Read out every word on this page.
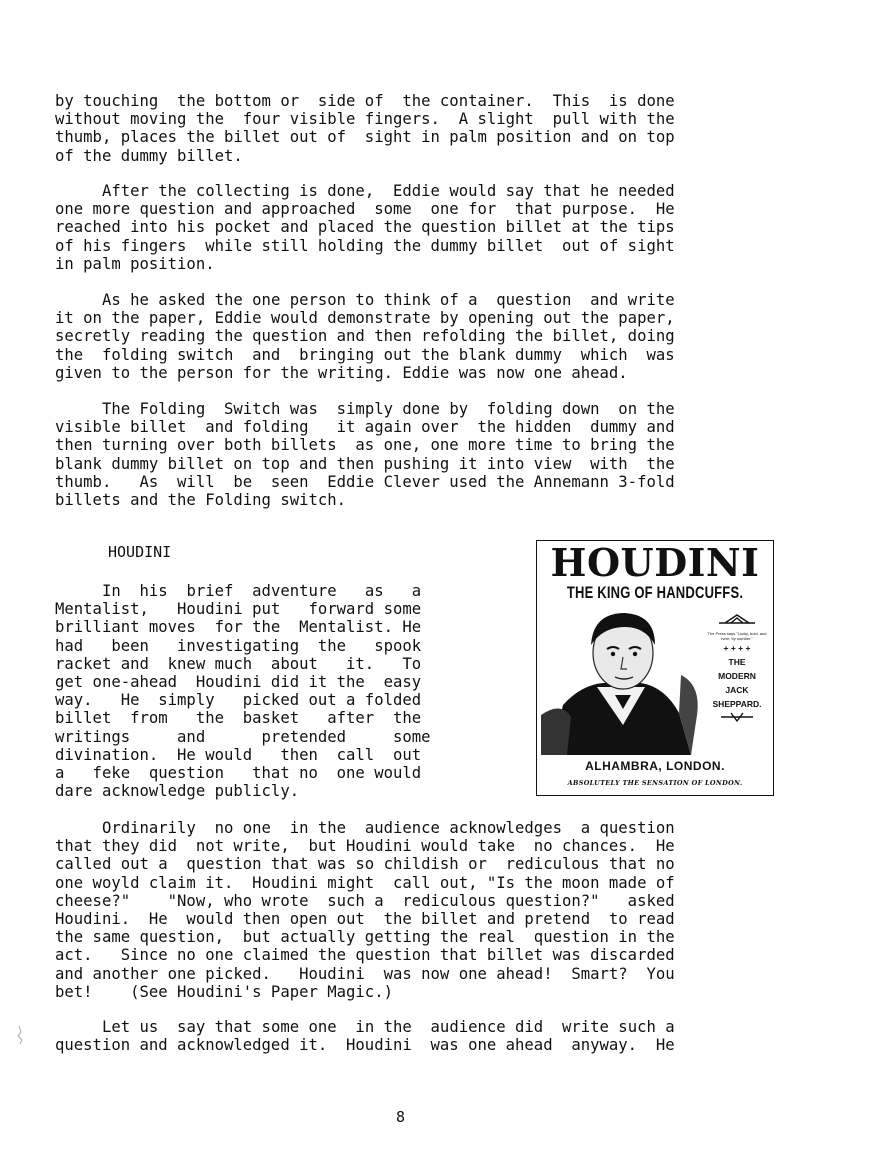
by touching  the bottom or  side of  the container.  This  is done
without moving the  four visible fingers.  A slight  pull with the
thumb, places the billet out of  sight in palm position and on top
of the dummy billet.
After the collecting is done,  Eddie would say that he needed
one more question and approached  some  one for  that purpose.  He
reached into his pocket and placed the question billet at the tips
of his fingers  while still holding the dummy billet  out of sight
in palm position.
As he asked the one person to think of a  question  and write
it on the paper, Eddie would demonstrate by opening out the paper,
secretly reading the question and then refolding the billet, doing
the  folding switch  and  bringing out the blank dummy  which  was
given to the person for the writing. Eddie was now one ahead.
The Folding  Switch was  simply done by  folding down  on the
visible billet  and folding   it again over  the hidden  dummy and
then turning over both billets  as one, one more time to bring the
blank dummy billet on top and then pushing it into view  with  the
thumb.   As  will  be  seen  Eddie Clever used the Annemann 3-fold
billets and the Folding switch.
HOUDINI
In  his  brief  adventure   as   a
Mentalist,   Houdini put   forward some
brilliant moves  for the  Mentalist. He
had   been   investigating  the   spook
racket and  knew much  about   it.   To
get one-ahead  Houdini did it the  easy
way.   He  simply   picked out a folded
billet  from   the  basket   after  the
writings     and      pretended     some
divination.  He would   then  call  out
a   feke  question   that no  one would
dare acknowledge publicly.
HOUDINI
THE KING OF HANDCUFFS.
The Press says "Lucky, bold, and here, by number."
+ + + +
THE
MODERN
JACK
SHEPPARD.
ALHAMBRA, LONDON.
ABSOLUTELY THE SENSATION OF LONDON.
Ordinarily  no one  in the  audience acknowledges  a question
that they did  not write,  but Houdini would take  no chances.  He
called out a  question that was so childish or  rediculous that no
one woyld claim it.  Houdini might  call out, "Is the moon made of
cheese?"    "Now, who wrote  such a  rediculous question?"   asked
Houdini.  He  would then open out  the billet and pretend  to read
the same question,  but actually getting the real  question in the
act.   Since no one claimed the question that billet was discarded
and another one picked.   Houdini  was now one ahead!  Smart?  You
bet!    (See Houdini's Paper Magic.)
Let us  say that some one  in the  audience did  write such a
question and acknowledged it.  Houdini  was one ahead  anyway.  He
8
